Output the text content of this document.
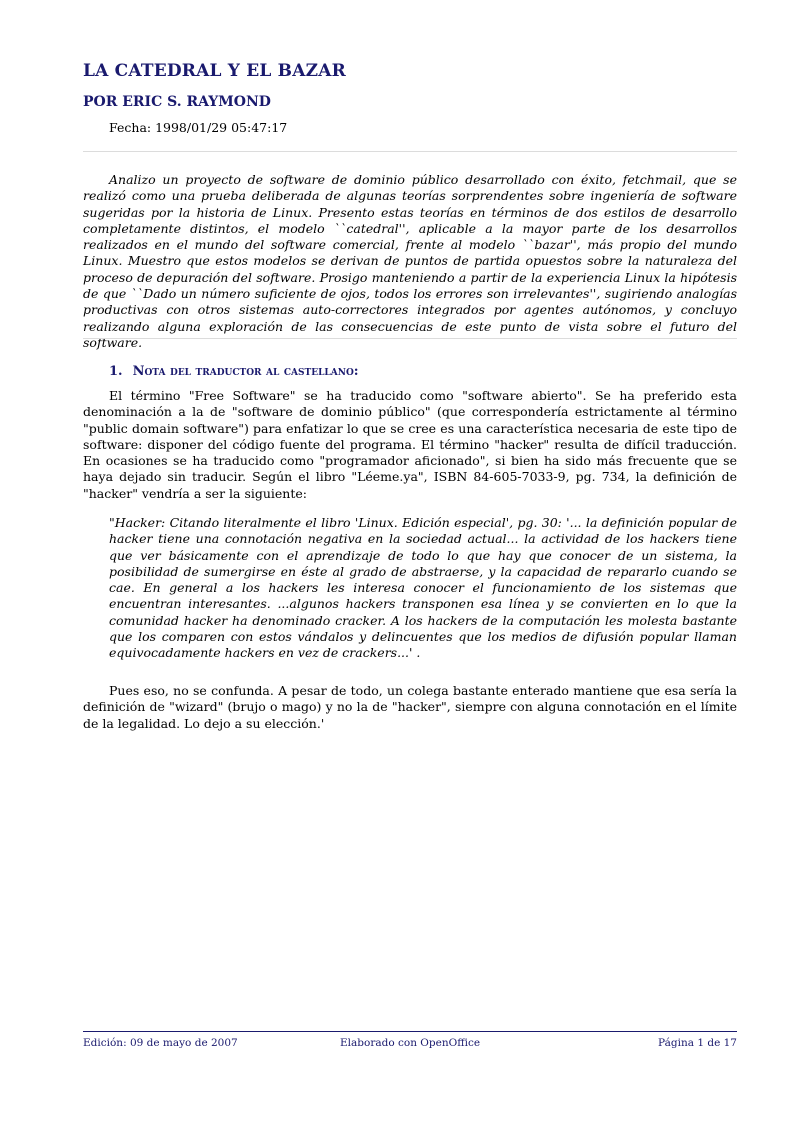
LA CATEDRAL Y EL BAZAR
POR ERIC S. RAYMOND

Fecha: 1998/01/29 05:47:17

Analizo un proyecto de software de dominio público desarrollado con éxito, fetchmail, que se realizó como una prueba deliberada de algunas teorías sorprendentes sobre ingeniería de software sugeridas por la historia de Linux. Presento estas teorías en términos de dos estilos de desarrollo completamente distintos, el modelo ``catedral'', aplicable a la mayor parte de los desarrollos realizados en el mundo del software comercial, frente al modelo ``bazar'', más propio del mundo Linux. Muestro que estos modelos se derivan de puntos de partida opuestos sobre la naturaleza del proceso de depuración del software. Prosigo manteniendo a partir de la experiencia Linux la hipótesis de que ``Dado un número suficiente de ojos, todos los errores son irrelevantes'', sugiriendo analogías productivas con otros sistemas auto-correctores integrados por agentes autónomos, y concluyo realizando alguna exploración de las consecuencias de este punto de vista sobre el futuro del software.

1. Nota del traductor al castellano:

El término "Free Software" se ha traducido como "software abierto". Se ha preferido esta denominación a la de "software de dominio público" (que correspondería estrictamente al término "public domain software") para enfatizar lo que se cree es una característica necesaria de este tipo de software: disponer del código fuente del programa. El término "hacker" resulta de difícil traducción. En ocasiones se ha traducido como "programador aficionado", si bien ha sido más frecuente que se haya dejado sin traducir. Según el libro "Léeme.ya", ISBN 84-605-7033-9, pg. 734, la definición de "hacker" vendría a ser la siguiente:

"Hacker: Citando literalmente el libro 'Linux. Edición especial', pg. 30: '... la definición popular de hacker tiene una connotación negativa en la sociedad actual... la actividad de los hackers tiene que ver básicamente con el aprendizaje de todo lo que hay que conocer de un sistema, la posibilidad de sumergirse en éste al grado de abstraerse, y la capacidad de repararlo cuando se cae. En general a los hackers les interesa conocer el funcionamiento de los sistemas que encuentran interesantes. ...algunos hackers transponen esa línea y se convierten en lo que la comunidad hacker ha denominado cracker. A los hackers de la computación les molesta bastante que los comparen con estos vándalos y delincuentes que los medios de difusión popular llaman equivocadamente hackers en vez de crackers...' .

Pues eso, no se confunda. A pesar de todo, un colega bastante enterado mantiene que esa sería la definición de "wizard" (brujo o mago) y no la de "hacker", siempre con alguna connotación en el límite de la legalidad. Lo dejo a su elección.'

Edición: 09 de mayo de 2007	Elaborado con OpenOffice	Página 1 de 17
